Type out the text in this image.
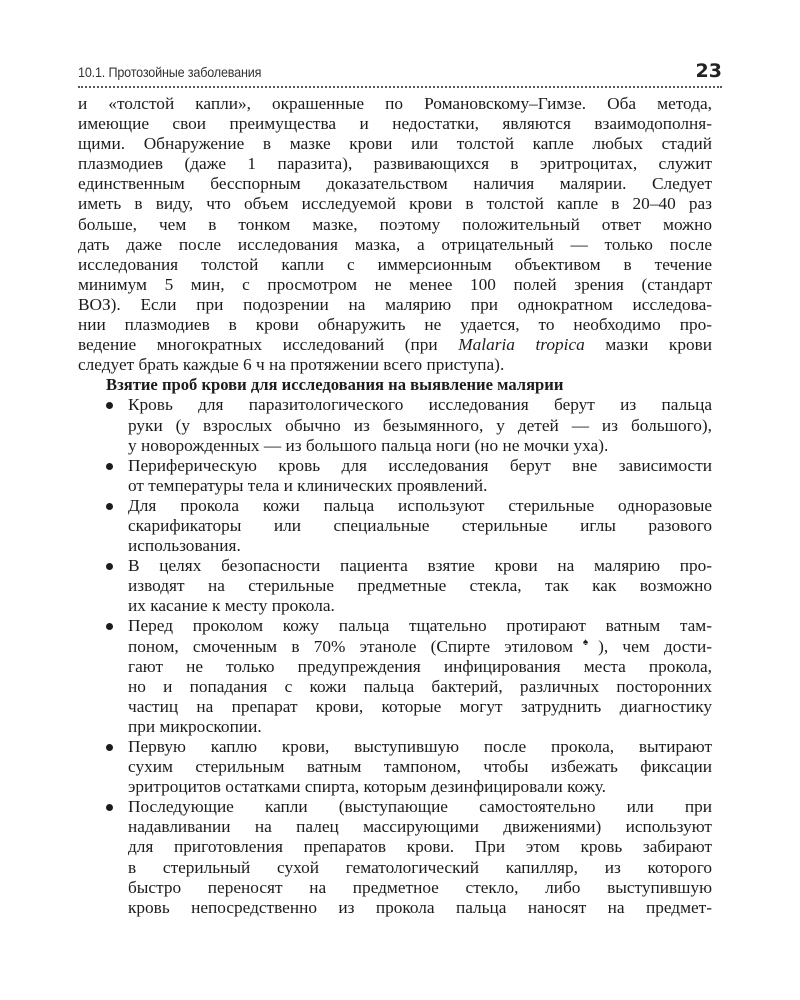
10.1. Протозойные заболевания	23

и «толстой капли», окрашенные по Романовскому–Гимзе. Оба метода,
имеющие свои преимущества и недостатки, являются взаимодополня-
щими. Обнаружение в мазке крови или толстой капле любых стадий
плазмодиев (даже 1 паразита), развивающихся в эритроцитах, служит
единственным бесспорным доказательством наличия малярии. Следует
иметь в виду, что объем исследуемой крови в толстой капле в 20–40 раз
больше, чем в тонком мазке, поэтому положительный ответ можно
дать даже после исследования мазка, а отрицательный — только после
исследования толстой капли с иммерсионным объективом в течение
минимум 5 мин, с просмотром не менее 100 полей зрения (стандарт
ВОЗ). Если при подозрении на малярию при однократном исследова-
нии плазмодиев в крови обнаружить не удается, то необходимо про-
ведение многократных исследований (при Malaria tropica мазки крови
следует брать каждые 6 ч на протяжении всего приступа).

Взятие проб крови для исследования на выявление малярии

Кровь для паразитологического исследования берут из пальца
руки (у взрослых обычно из безымянного, у детей — из большого),
у новорожденных — из большого пальца ноги (но не мочки уха).
Периферическую кровь для исследования берут вне зависимости
от температуры тела и клинических проявлений.
Для прокола кожи пальца используют стерильные одноразовые
скарификаторы или специальные стерильные иглы разового
использования.
В целях безопасности пациента взятие крови на малярию про-
изводят на стерильные предметные стекла, так как возможно
их касание к месту прокола.
Перед проколом кожу пальца тщательно протирают ватным там-
поном, смоченным в 70% этаноле (Спирте этиловом♠), чем дости-
гают не только предупреждения инфицирования места прокола,
но и попадания с кожи пальца бактерий, различных посторонних
частиц на препарат крови, которые могут затруднить диагностику
при микроскопии.
Первую каплю крови, выступившую после прокола, вытирают
сухим стерильным ватным тампоном, чтобы избежать фиксации
эритроцитов остатками спирта, которым дезинфицировали кожу.
Последующие капли (выступающие самостоятельно или при
надавливании на палец массирующими движениями) используют
для приготовления препаратов крови. При этом кровь забирают
в стерильный сухой гематологический капилляр, из которого
быстро переносят на предметное стекло, либо выступившую
кровь непосредственно из прокола пальца наносят на предмет-
